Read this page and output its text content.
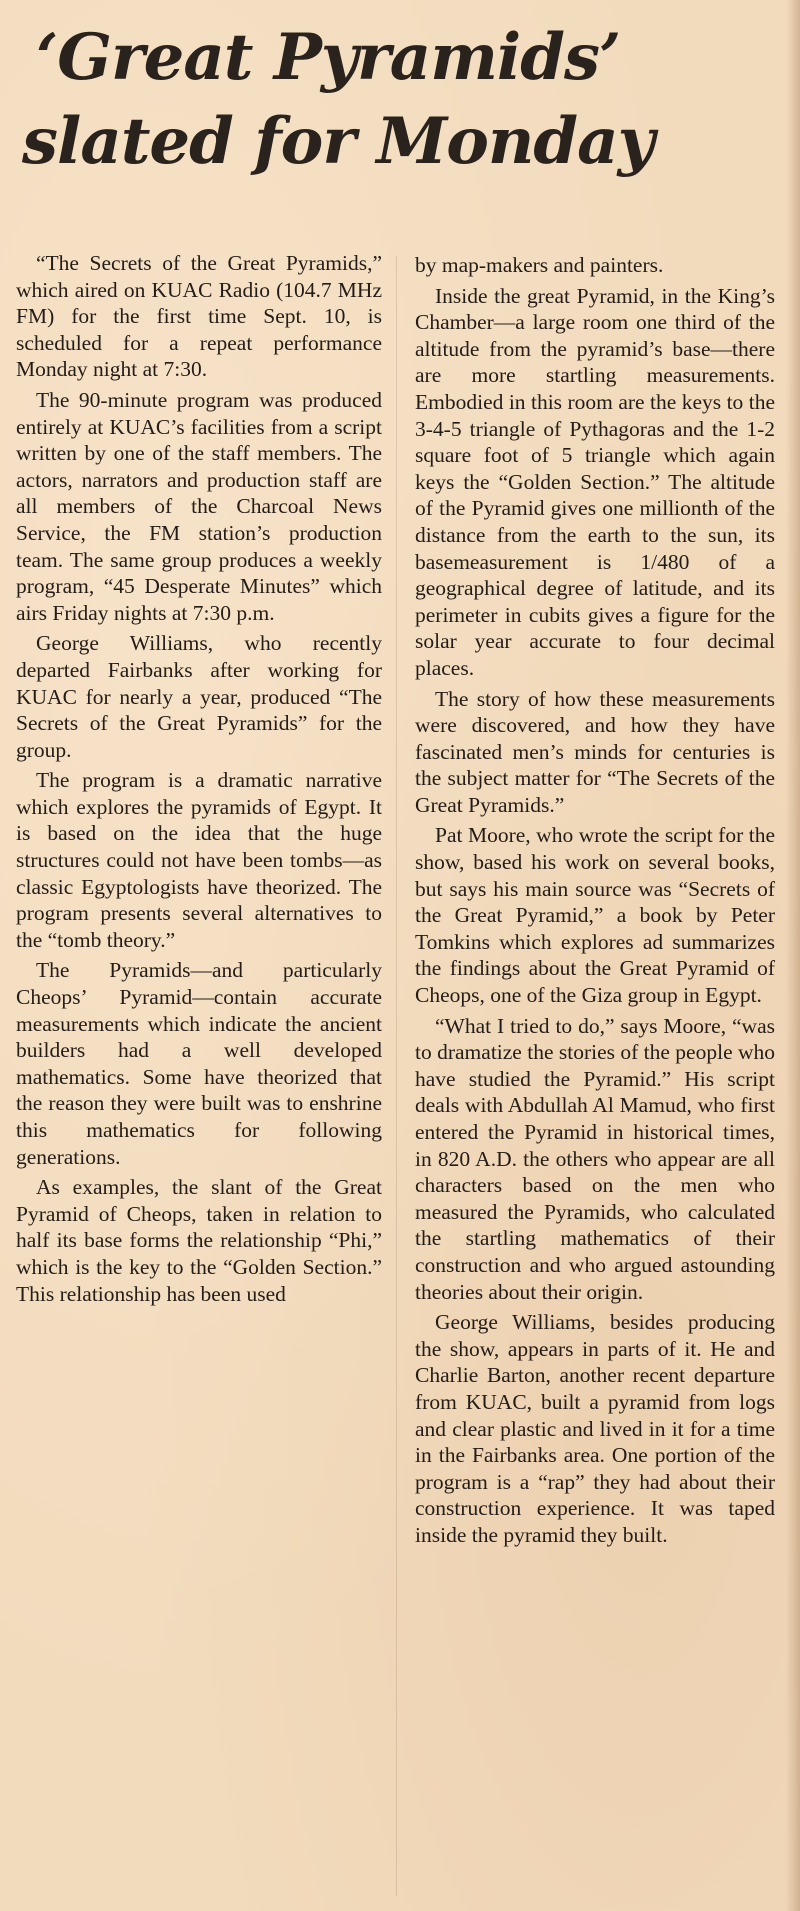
‘Great Pyramids’
slated for Monday

“The Secrets of the Great Pyramids,” which aired on KUAC Radio (104.7 MHz FM) for the first time Sept. 10, is scheduled for a repeat performance Monday night at 7:30.

The 90-minute program was produced entirely at KUAC’s facilities from a script written by one of the staff members. The actors, narrators and production staff are all members of the Charcoal News Service, the FM station’s production team. The same group produces a weekly program, “45 Desperate Minutes” which airs Friday nights at 7:30 p.m.

George Williams, who recently departed Fairbanks after working for KUAC for nearly a year, produced “The Secrets of the Great Pyramids” for the group.

The program is a dramatic narrative which explores the pyramids of Egypt. It is based on the idea that the huge structures could not have been tombs—as classic Egyptologists have theorized. The program presents several alternatives to the “tomb theory.”

The Pyramids—and particularly Cheops’ Pyramid—contain accurate measurements which indicate the ancient builders had a well developed mathematics. Some have theorized that the reason they were built was to enshrine this mathematics for following generations.

As examples, the slant of the Great Pyramid of Cheops, taken in relation to half its base forms the relationship “Phi,” which is the key to the “Golden Section.” This relationship has been used

by map-makers and painters.

Inside the great Pyramid, in the King’s Chamber—a large room one third of the altitude from the pyramid’s base—there are more startling measurements. Embodied in this room are the keys to the 3-4-5 triangle of Pythagoras and the 1-2 square foot of 5 triangle which again keys the “Golden Section.” The altitude of the Pyramid gives one millionth of the distance from the earth to the sun, its basemeasurement is 1/480 of a geographical degree of latitude, and its perimeter in cubits gives a figure for the solar year accurate to four decimal places.

The story of how these measurements were discovered, and how they have fascinated men’s minds for centuries is the subject matter for “The Secrets of the Great Pyramids.”

Pat Moore, who wrote the script for the show, based his work on several books, but says his main source was “Secrets of the Great Pyramid,” a book by Peter Tomkins which explores ad summarizes the findings about the Great Pyramid of Cheops, one of the Giza group in Egypt.

“What I tried to do,” says Moore, “was to dramatize the stories of the people who have studied the Pyramid.” His script deals with Abdullah Al Mamud, who first entered the Pyramid in historical times, in 820 A.D. the others who appear are all characters based on the men who measured the Pyramids, who calculated the startling mathematics of their construction and who argued astounding theories about their origin.

George Williams, besides producing the show, appears in parts of it. He and Charlie Barton, another recent departure from KUAC, built a pyramid from logs and clear plastic and lived in it for a time in the Fairbanks area. One portion of the program is a “rap” they had about their construction experience. It was taped inside the pyramid they built.
